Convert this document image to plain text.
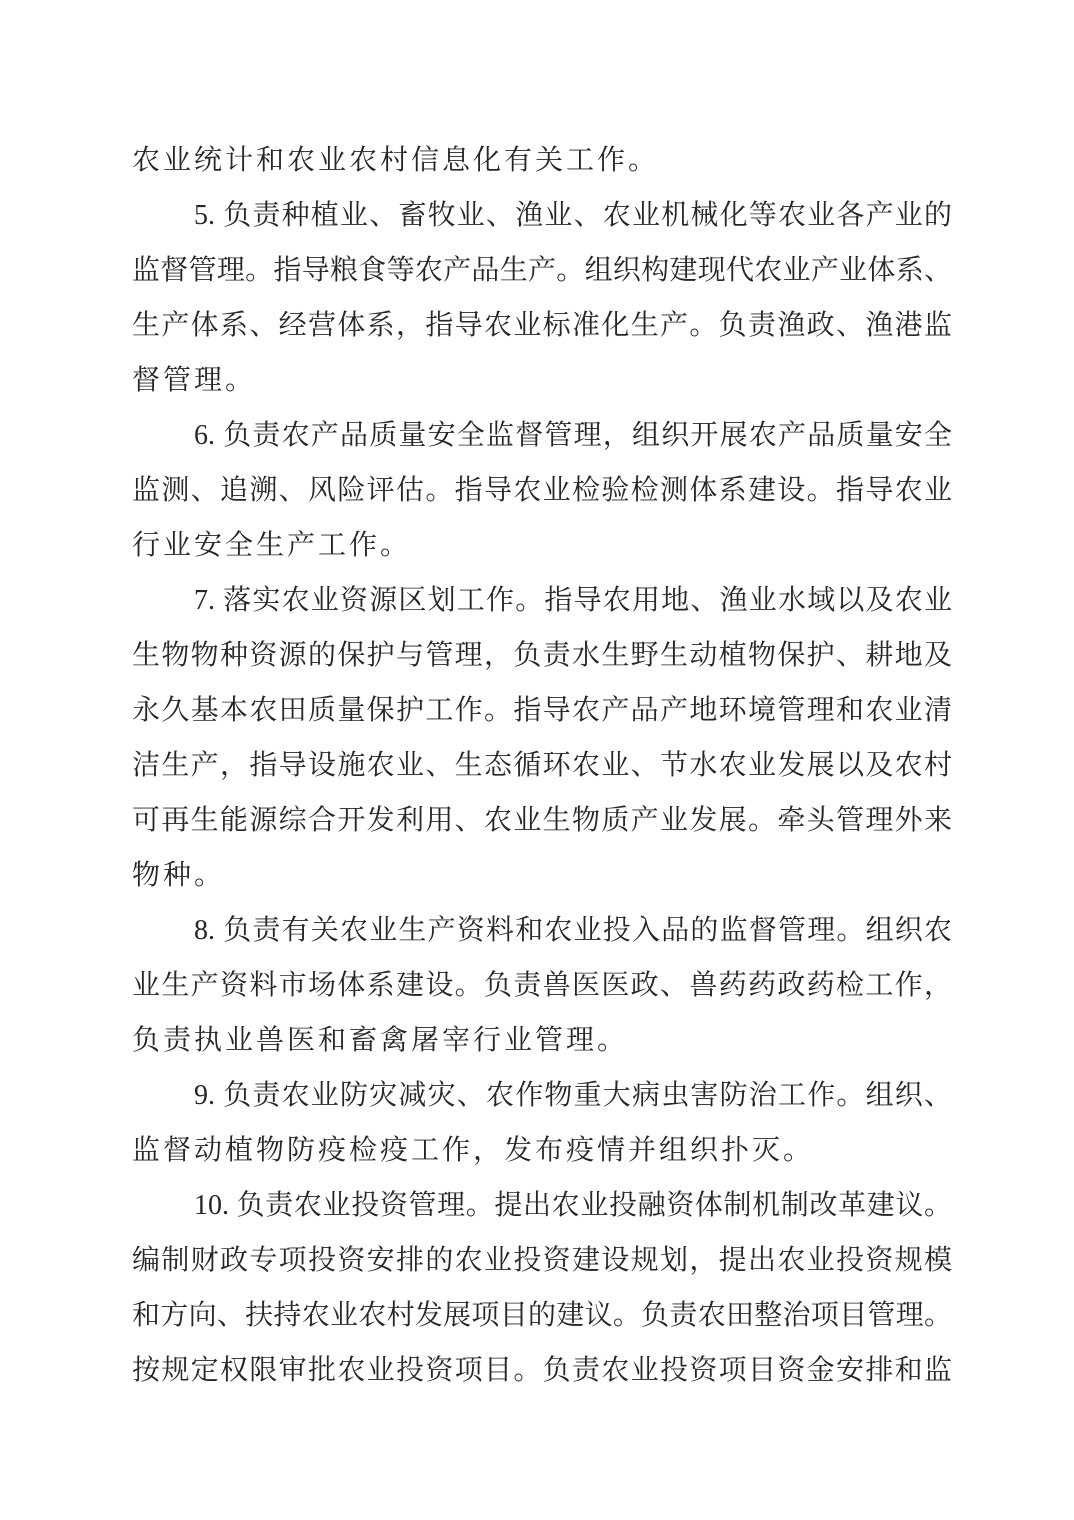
农业统计和农业农村信息化有关工作。
5. 负责种植业、畜牧业、渔业、农业机械化等农业各产业的
监督管理。指导粮食等农产品生产。组织构建现代农业产业体系、
生产体系、经营体系，指导农业标准化生产。负责渔政、渔港监
督管理。
6. 负责农产品质量安全监督管理，组织开展农产品质量安全
监测、追溯、风险评估。指导农业检验检测体系建设。指导农业
行业安全生产工作。
7. 落实农业资源区划工作。指导农用地、渔业水域以及农业
生物物种资源的保护与管理，负责水生野生动植物保护、耕地及
永久基本农田质量保护工作。指导农产品产地环境管理和农业清
洁生产，指导设施农业、生态循环农业、节水农业发展以及农村
可再生能源综合开发利用、农业生物质产业发展。牵头管理外来
物种。
8. 负责有关农业生产资料和农业投入品的监督管理。组织农
业生产资料市场体系建设。负责兽医医政、兽药药政药检工作，
负责执业兽医和畜禽屠宰行业管理。
9. 负责农业防灾减灾、农作物重大病虫害防治工作。组织、
监督动植物防疫检疫工作，发布疫情并组织扑灭。
10. 负责农业投资管理。提出农业投融资体制机制改革建议。
编制财政专项投资安排的农业投资建设规划，提出农业投资规模
和方向、扶持农业农村发展项目的建议。负责农田整治项目管理。
按规定权限审批农业投资项目。负责农业投资项目资金安排和监
